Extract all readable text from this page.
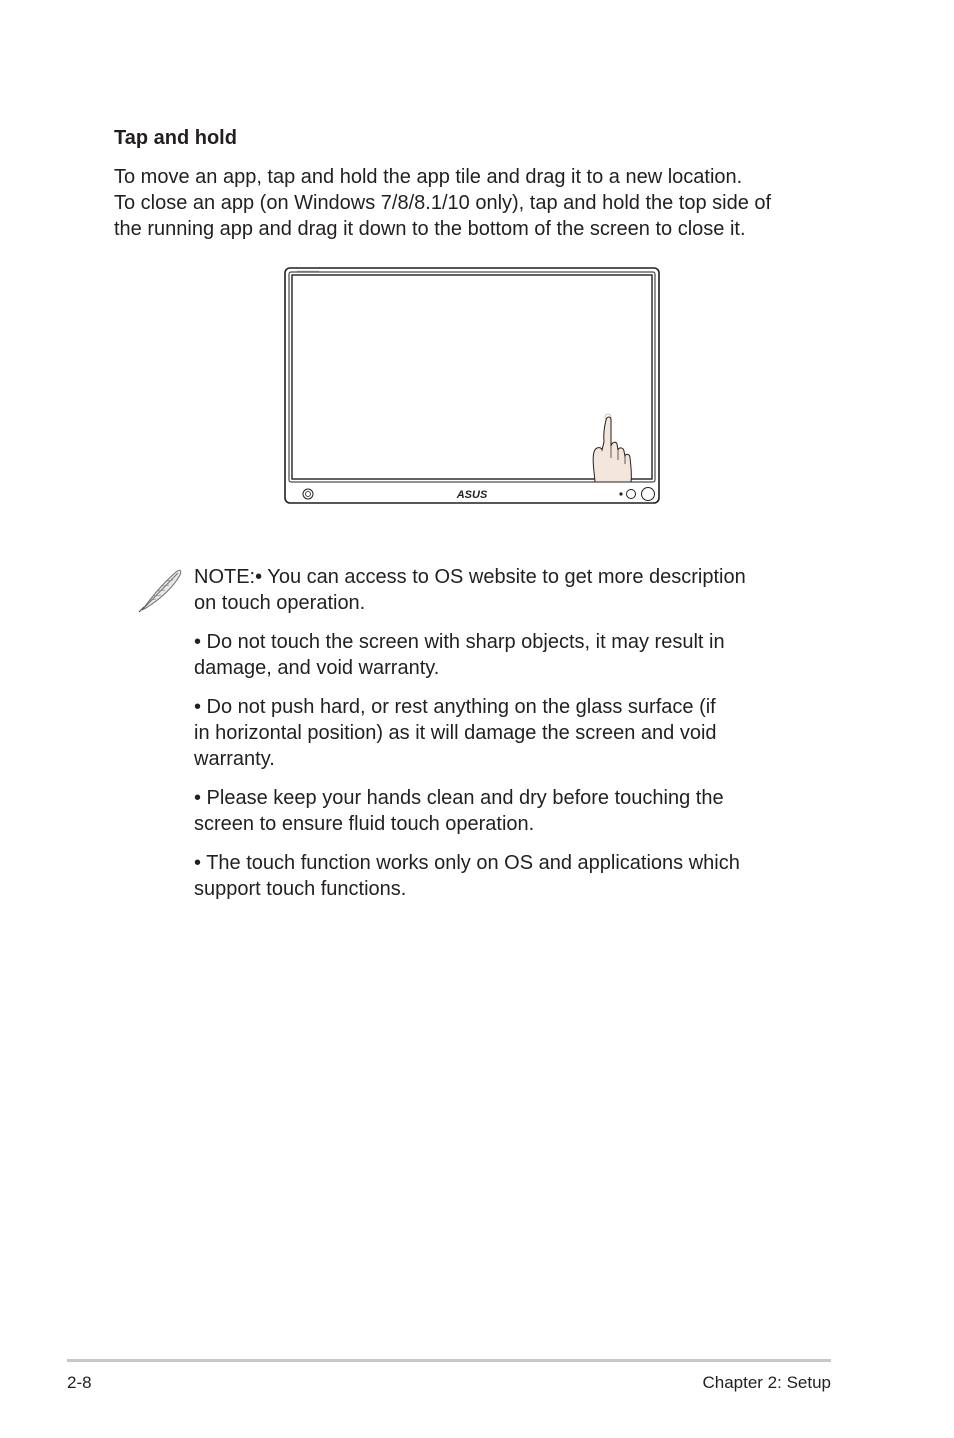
Tap and hold
To move an app, tap and hold the app tile and drag it to a new location.
To close an app (on Windows 7/8/8.1/10 only), tap and hold the top side of
the running app and drag it down to the bottom of the screen to close it.
ASUS

NOTE:• You can access to OS website to get more description
on touch operation.

• Do not touch the screen with sharp objects, it may result in
damage, and void warranty.

• Do not push hard, or rest anything on the glass surface (if
in horizontal position) as it will damage the screen and void
warranty.

• Please keep your hands clean and dry before touching the
screen to ensure fluid touch operation.

• The touch function works only on OS and applications which
support touch functions.

2-8	Chapter 2: Setup
